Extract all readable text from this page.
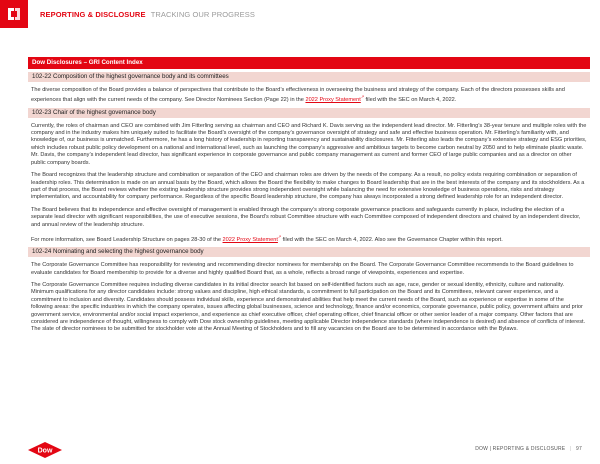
REPORTING & DISCLOSURE TRACKING OUR PROGRESS
Dow Disclosures – GRI Content Index
102-22 Composition of the highest governance body and its committees
The diverse composition of the Board provides a balance of perspectives that contribute to the Board’s effectiveness in overseeing the business and strategy of the company. Each of the directors possesses skills and experiences that align with the current needs of the company. See Director Nominees Section (Page 22) in the 2022 Proxy Statement↗ filed with the SEC on March 4, 2022.
102-23 Chair of the highest governance body
Currently, the roles of chairman and CEO are combined with Jim Fitterling serving as chairman and CEO and Richard K. Davis serving as the independent lead director. Mr. Fitterling’s 38-year tenure and multiple roles with the company and in the industry makes him uniquely suited to facilitate the Board’s oversight of the company’s governance oversight of strategy and safe and effective business operation. Mr. Fitterling’s familiarity with, and knowledge of, our business is unmatched. Furthermore, he has a long history of leadership in reporting transparency and sustainability disclosures. Mr. Fitterling also leads the company’s extensive strategy and ESG priorities, which includes robust public policy development on a national and international level, such as launching the company’s aggressive and ambitious targets to become carbon neutral by 2050 and to help eliminate plastic waste. Mr. Davis, the company’s independent lead director, has significant experience in corporate governance and public company management as current and former CEO of large public companies and as a director on other public company boards.
The Board recognizes that the leadership structure and combination or separation of the CEO and chairman roles are driven by the needs of the company. As a result, no policy exists requiring combination or separation of leadership roles. This determination is made on an annual basis by the Board, which allows the Board the flexibility to make changes to Board leadership that are in the best interests of the company and its stockholders. As a part of that process, the Board reviews whether the existing leadership structure provides strong independent oversight while balancing the need for extensive knowledge of business operations, risks and strategy implementation, and accountability for company performance. Regardless of the specific Board leadership structure, the company has always incorporated a strong defined leadership role for an independent director.
The Board believes that its independence and effective oversight of management is enabled through the company’s strong corporate governance practices and safeguards currently in place, including the election of a separate lead director with significant responsibilities, the use of executive sessions, the Board’s robust Committee structure with each Committee composed of independent directors and chaired by an independent director, and annual review of the leadership structure.
For more information, see Board Leadership Structure on pages 28-30 of the 2022 Proxy Statement↗ filed with the SEC on March 4, 2022. Also see the Governance Chapter within this report.
102-24 Nominating and selecting the highest governance body
The Corporate Governance Committee has responsibility for reviewing and recommending director nominees for membership on the Board. The Corporate Governance Committee recommends to the Board guidelines to evaluate candidates for Board membership to provide for a diverse and highly qualified Board that, as a whole, reflects a broad range of viewpoints, experiences and expertise.
The Corporate Governance Committee requires including diverse candidates in its initial director search list based on self-identified factors such as age, race, gender or sexual identity, ethnicity, culture and nationality. Minimum qualifications for any director candidates include: strong values and discipline, high ethical standards, a commitment to full participation on the Board and its Committees, relevant career experience, and a commitment to inclusion and diversity. Candidates should possess individual skills, experience and demonstrated abilities that help meet the current needs of the Board, such as experience or expertise in some of the following areas: the specific industries in which the company operates, issues affecting global businesses, science and technology, finance and/or economics, corporate governance, public policy, government affairs and prior government service, environmental and/or social impact experience, and experience as chief executive officer, chief operating officer, chief financial officer or other senior leader of a major company. Other factors that are considered are independence of thought, willingness to comply with Dow stock ownership guidelines, meeting applicable Director independence standards (where independence is desired) and absence of conflicts of interest. The slate of director nominees to be submitted for stockholder vote at the Annual Meeting of Stockholders and to fill any vacancies on the Board are to be determined in accordance with the Bylaws.
Dow	DOW | REPORTING & DISCLOSURE | 97
